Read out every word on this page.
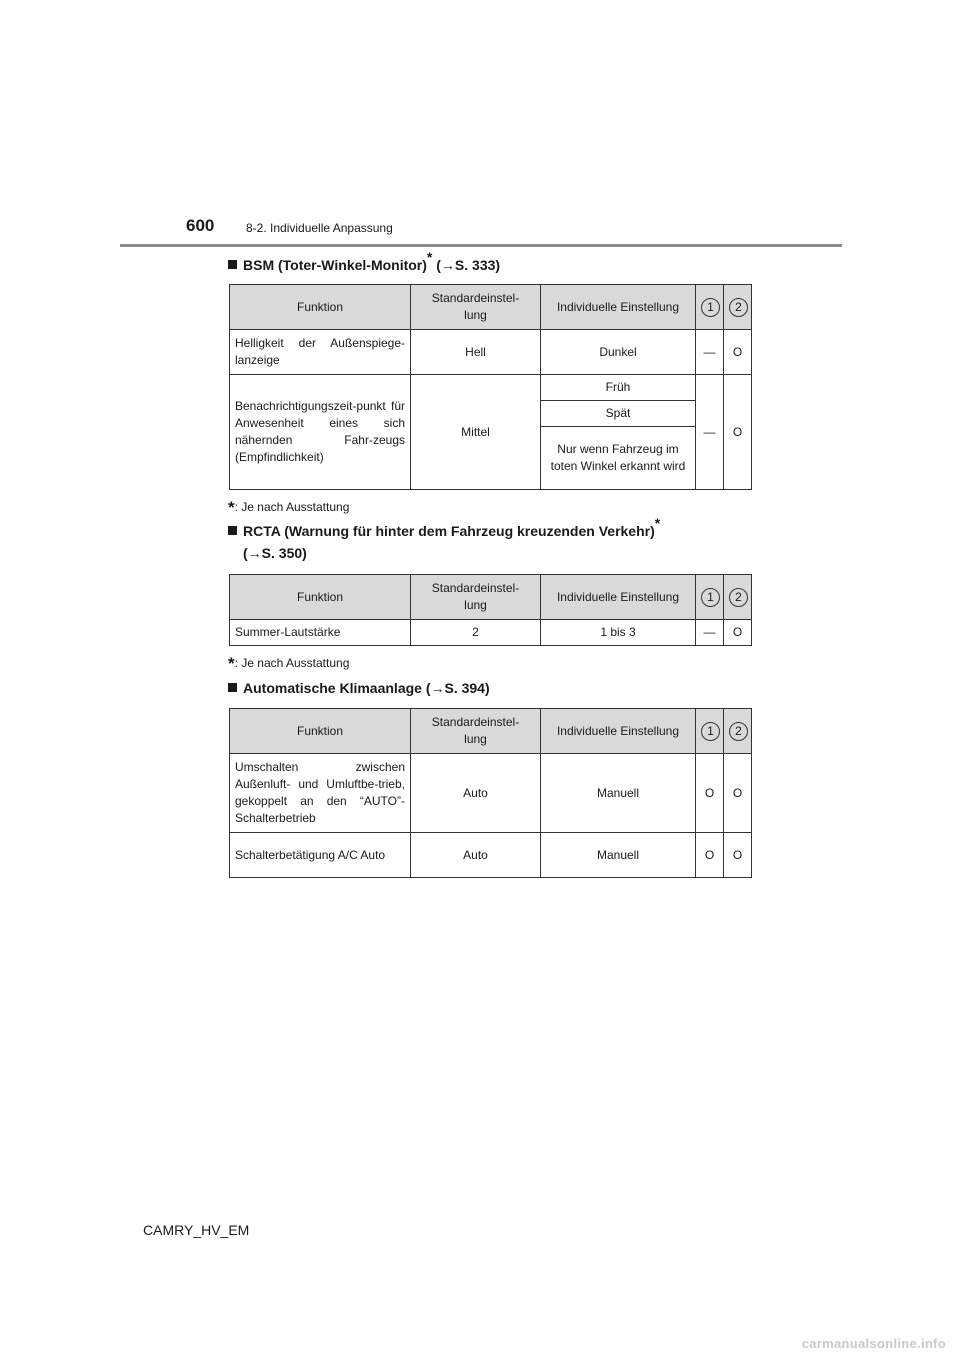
600	8-2. Individuelle Anpassung
BSM (Toter-Winkel-Monitor)* (→S. 333)
Funktion	Standardeinstel-
lung	Individuelle Einstellung	1	2
Helligkeit der Außenspiege-lanzeige	Hell	Dunkel	—	O
Benachrichtigungszeit-punkt für Anwesenheit eines sich nähernden Fahr-zeugs (Empfindlichkeit)	Mittel	Früh	—	O
		Spät		
		Nur wenn Fahrzeug im toten Winkel erkannt wird		
*: Je nach Ausstattung
RCTA (Warnung für hinter dem Fahrzeug kreuzenden Verkehr)*
(→S. 350)
Funktion	Standardeinstel-
lung	Individuelle Einstellung	1	2
Summer-Lautstärke	2	1 bis 3	—	O
*: Je nach Ausstattung
Automatische Klimaanlage (→S. 394)
Funktion	Standardeinstel-
lung	Individuelle Einstellung	1	2
Umschalten zwischen Außenluft- und Umluftbe-trieb, gekoppelt an den “AUTO”-Schalterbetrieb	Auto	Manuell	O	O
Schalterbetätigung A/C Auto	Auto	Manuell	O	O
CAMRY_HV_EM
carmanualsonline.info
